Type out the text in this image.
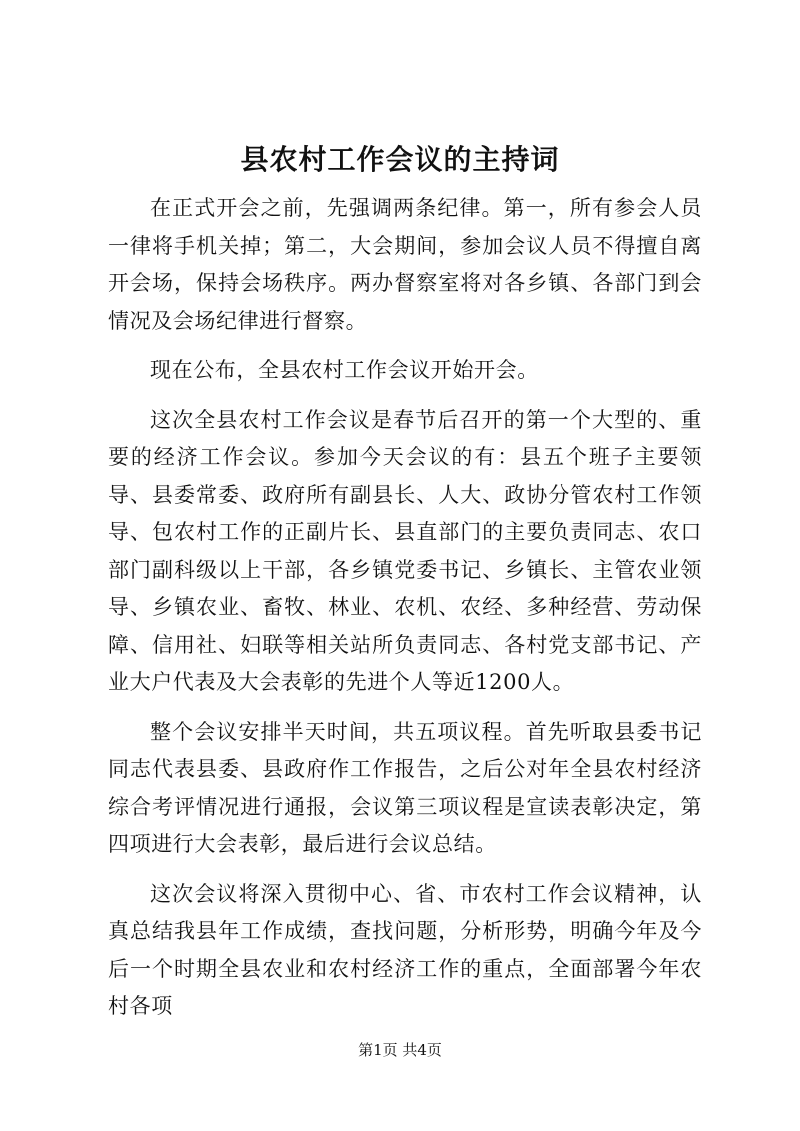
县农村工作会议的主持词

在正式开会之前，先强调两条纪律。第一，所有参会人员一律将手机关掉；第二，大会期间，参加会议人员不得擅自离开会场，保持会场秩序。两办督察室将对各乡镇、各部门到会情况及会场纪律进行督察。

现在公布，全县农村工作会议开始开会。

这次全县农村工作会议是春节后召开的第一个大型的、重要的经济工作会议。参加今天会议的有：县五个班子主要领导、县委常委、政府所有副县长、人大、政协分管农村工作领导、包农村工作的正副片长、县直部门的主要负责同志、农口部门副科级以上干部，各乡镇党委书记、乡镇长、主管农业领导、乡镇农业、畜牧、林业、农机、农经、多种经营、劳动保障、信用社、妇联等相关站所负责同志、各村党支部书记、产业大户代表及大会表彰的先进个人等近1200人。

整个会议安排半天时间，共五项议程。首先听取县委书记同志代表县委、县政府作工作报告，之后公对年全县农村经济综合考评情况进行通报，会议第三项议程是宣读表彰决定，第四项进行大会表彰，最后进行会议总结。

这次会议将深入贯彻中心、省、市农村工作会议精神，认真总结我县年工作成绩，查找问题，分析形势，明确今年及今后一个时期全县农业和农村经济工作的重点，全面部署今年农村各项

第1页 共4页
